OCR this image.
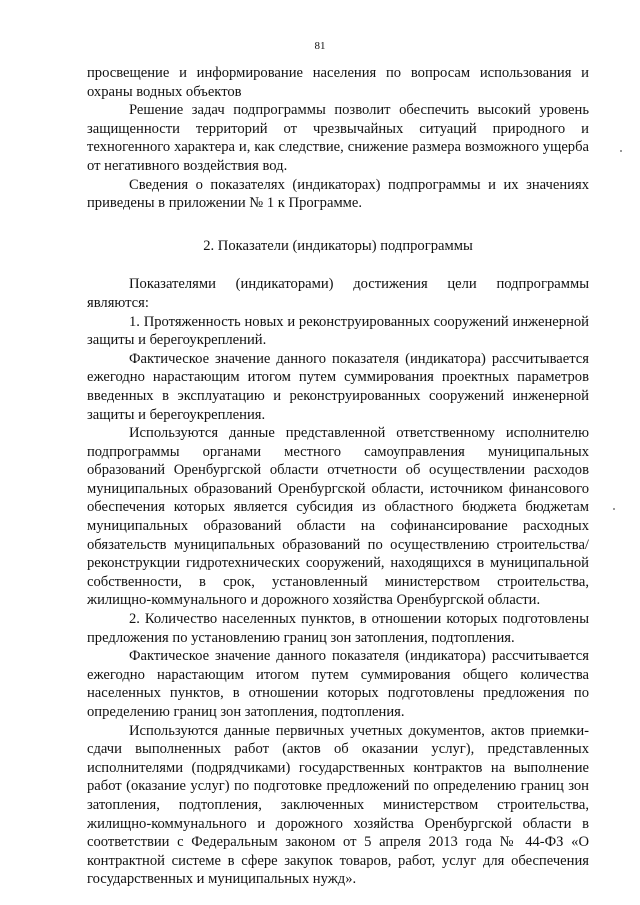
81

просвещение и информирование населения по вопросам использования и охраны водных объектов

Решение задач подпрограммы позволит обеспечить высокий уровень защищенности территорий от чрезвычайных ситуаций природного и техногенного характера и, как следствие, снижение размера возможного ущерба от негативного воздействия вод.

Сведения о показателях (индикаторах) подпрограммы и их значениях приведены в приложении № 1 к Программе.

2. Показатели (индикаторы) подпрограммы

Показателями (индикаторами) достижения цели подпрограммы являются:

1. Протяженность новых и реконструированных сооружений инженерной защиты и берегоукреплений.

Фактическое значение данного показателя (индикатора) рассчитывается ежегодно нарастающим итогом путем суммирования проектных параметров введенных в эксплуатацию и реконструированных сооружений инженерной защиты и берегоукрепления.

Используются данные представленной ответственному исполнителю подпрограммы органами местного самоуправления муниципальных образований Оренбургской области отчетности об осуществлении расходов муниципальных образований Оренбургской области, источником финансового обеспечения которых является субсидия из областного бюджета бюджетам муниципальных образований области на софинансирование расходных обязательств муниципальных образований по осуществлению строительства/реконструкции гидротехнических сооружений, находящихся в муниципальной собственности, в срок, установленный министерством строительства, жилищно-коммунального и дорожного хозяйства Оренбургской области.

2. Количество населенных пунктов, в отношении которых подготовлены предложения по установлению границ зон затопления, подтопления.

Фактическое значение данного показателя (индикатора) рассчитывается ежегодно нарастающим итогом путем суммирования общего количества населенных пунктов, в отношении которых подготовлены предложения по определению границ зон затопления, подтопления.

Используются данные первичных учетных документов, актов приемки-сдачи выполненных работ (актов об оказании услуг), представленных исполнителями (подрядчиками) государственных контрактов на выполнение работ (оказание услуг) по подготовке предложений по определению границ зон затопления, подтопления, заключенных министерством строительства, жилищно-коммунального и дорожного хозяйства Оренбургской области в соответствии с Федеральным законом от 5 апреля 2013 года № 44-ФЗ «О контрактной системе в сфере закупок товаров, работ, услуг для обеспечения государственных и муниципальных нужд».
